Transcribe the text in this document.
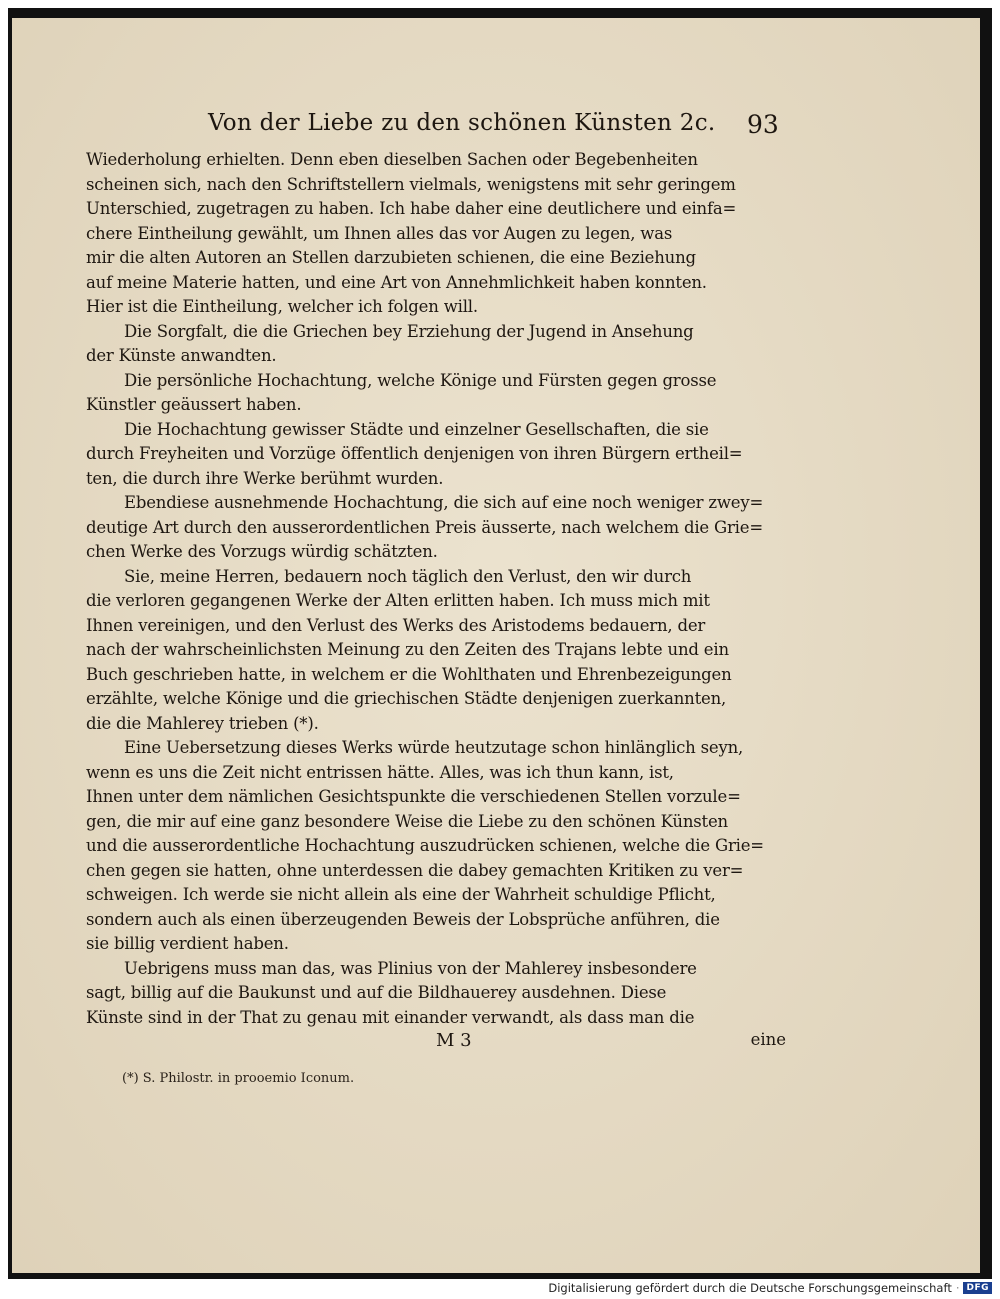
Von der Liebe zu den schönen Künsten 2c. 93
Wiederholung erhielten. Denn eben dieselben Sachen oder Begebenheiten
scheinen sich, nach den Schriftstellern vielmals, wenigstens mit sehr geringem
Unterschied, zugetragen zu haben. Ich habe daher eine deutlichere und einfa=
chere Eintheilung gewählt, um Ihnen alles das vor Augen zu legen, was
mir die alten Autoren an Stellen darzubieten schienen, die eine Beziehung
auf meine Materie hatten, und eine Art von Annehmlichkeit haben konnten.
Hier ist die Eintheilung, welcher ich folgen will.
Die Sorgfalt, die die Griechen bey Erziehung der Jugend in Ansehung
der Künste anwandten.
Die persönliche Hochachtung, welche Könige und Fürsten gegen grosse
Künstler geäussert haben.
Die Hochachtung gewisser Städte und einzelner Gesellschaften, die sie
durch Freyheiten und Vorzüge öffentlich denjenigen von ihren Bürgern ertheil=
ten, die durch ihre Werke berühmt wurden.
Ebendiese ausnehmende Hochachtung, die sich auf eine noch weniger zwey=
deutige Art durch den ausserordentlichen Preis äusserte, nach welchem die Grie=
chen Werke des Vorzugs würdig schätzten.
Sie, meine Herren, bedauern noch täglich den Verlust, den wir durch
die verloren gegangenen Werke der Alten erlitten haben. Ich muss mich mit
Ihnen vereinigen, und den Verlust des Werks des Aristodems bedauern, der
nach der wahrscheinlichsten Meinung zu den Zeiten des Trajans lebte und ein
Buch geschrieben hatte, in welchem er die Wohlthaten und Ehrenbezeigungen
erzählte, welche Könige und die griechischen Städte denjenigen zuerkannten,
die die Mahlerey trieben (*).
Eine Uebersetzung dieses Werks würde heutzutage schon hinlänglich seyn,
wenn es uns die Zeit nicht entrissen hätte. Alles, was ich thun kann, ist,
Ihnen unter dem nämlichen Gesichtspunkte die verschiedenen Stellen vorzule=
gen, die mir auf eine ganz besondere Weise die Liebe zu den schönen Künsten
und die ausserordentliche Hochachtung auszudrücken schienen, welche die Grie=
chen gegen sie hatten, ohne unterdessen die dabey gemachten Kritiken zu ver=
schweigen. Ich werde sie nicht allein als eine der Wahrheit schuldige Pflicht,
sondern auch als einen überzeugenden Beweis der Lobsprüche anführen, die
sie billig verdient haben.
Uebrigens muss man das, was Plinius von der Mahlerey insbesondere
sagt, billig auf die Baukunst und auf die Bildhauerey ausdehnen. Diese
Künste sind in der That zu genau mit einander verwandt, als dass man die
M 3	eine
(*) S. Philostr. in prooemio Iconum.
Digitalisierung gefördert durch die Deutsche Forschungsgemeinschaft · DFG
